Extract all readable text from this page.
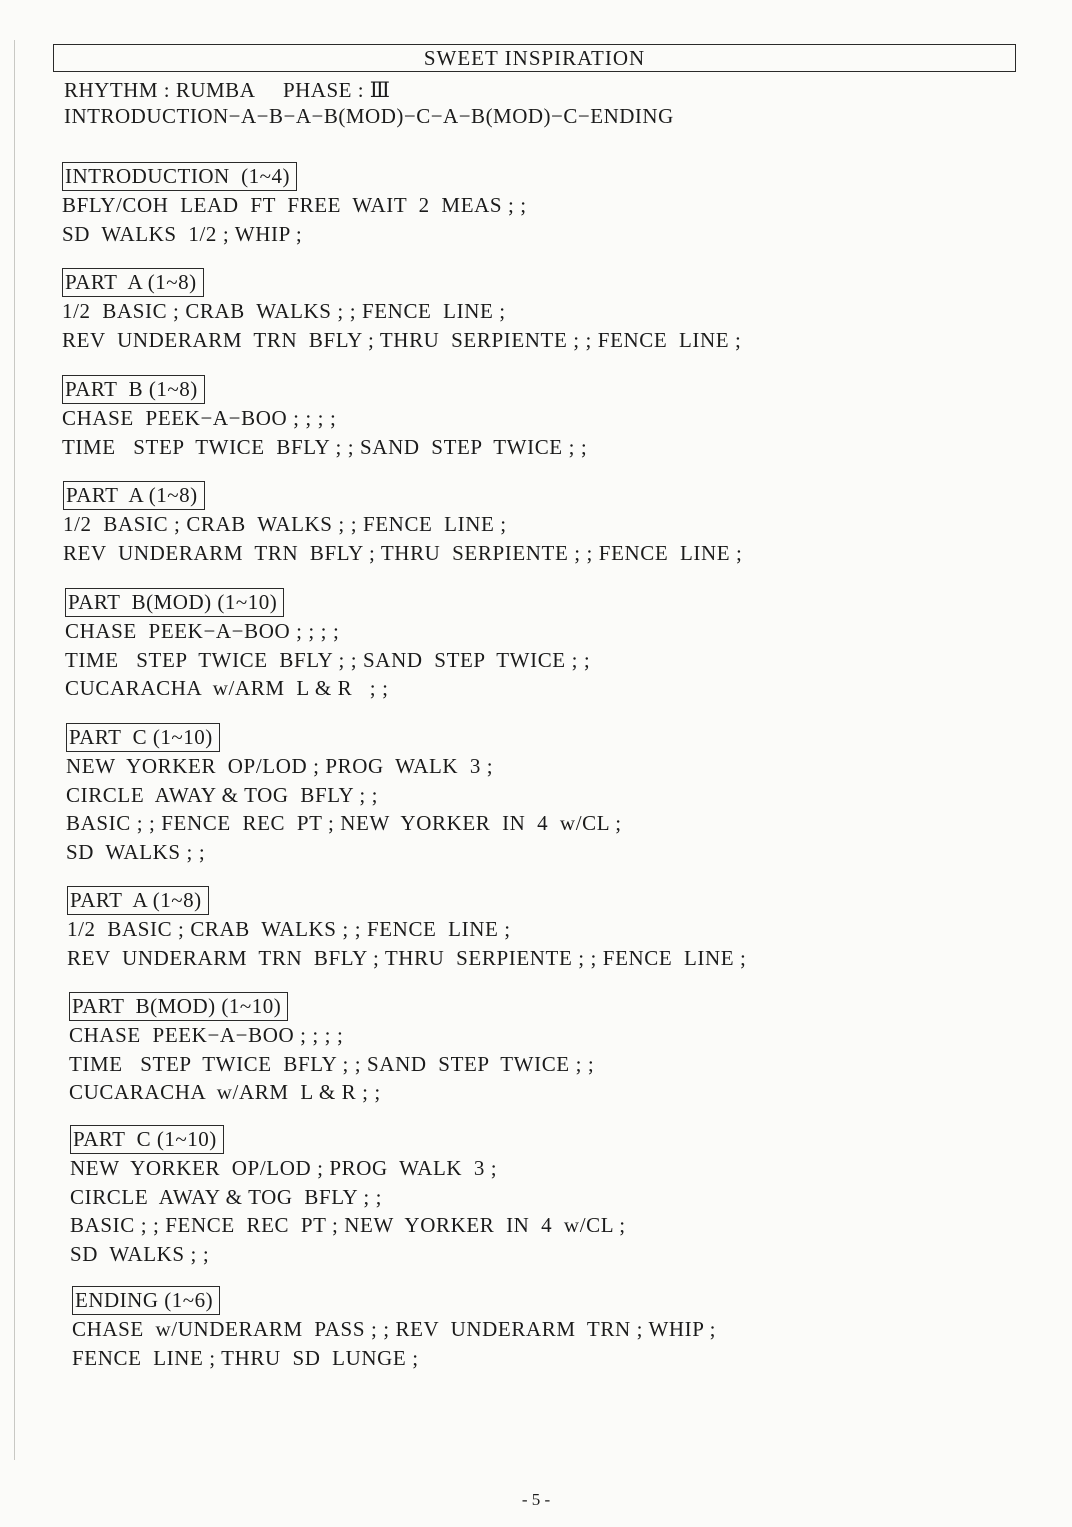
SWEET INSPIRATION
RHYTHM : RUMBA     PHASE : Ⅲ
INTRODUCTION−A−B−A−B(MOD)−C−A−B(MOD)−C−ENDING
INTRODUCTION  (1~4)
BFLY/COH  LEAD  FT  FREE  WAIT  2  MEAS ; ;
SD  WALKS  1/2 ; WHIP ;
PART  A (1~8)
1/2  BASIC ; CRAB  WALKS ; ; FENCE  LINE ;
REV  UNDERARM  TRN  BFLY ; THRU  SERPIENTE ; ; FENCE  LINE ;
PART  B (1~8)
CHASE  PEEK−A−BOO ; ; ; ;
TIME   STEP  TWICE  BFLY ; ; SAND  STEP  TWICE ; ;
PART  A (1~8)
1/2  BASIC ; CRAB  WALKS ; ; FENCE  LINE ;
REV  UNDERARM  TRN  BFLY ; THRU  SERPIENTE ; ; FENCE  LINE ;
PART  B(MOD) (1~10)
CHASE  PEEK−A−BOO ; ; ; ;
TIME   STEP  TWICE  BFLY ; ; SAND  STEP  TWICE ; ;
CUCARACHA  w/ARM  L & R   ; ;
PART  C (1~10)
NEW  YORKER  OP/LOD ; PROG  WALK  3 ;
CIRCLE  AWAY & TOG  BFLY ; ;
BASIC ; ; FENCE  REC  PT ; NEW  YORKER  IN  4  w/CL ;
SD  WALKS ; ;
PART  A (1~8)
1/2  BASIC ; CRAB  WALKS ; ; FENCE  LINE ;
REV  UNDERARM  TRN  BFLY ; THRU  SERPIENTE ; ; FENCE  LINE ;
PART  B(MOD) (1~10)
CHASE  PEEK−A−BOO ; ; ; ;
TIME   STEP  TWICE  BFLY ; ; SAND  STEP  TWICE ; ;
CUCARACHA  w/ARM  L & R ; ;
PART  C (1~10)
NEW  YORKER  OP/LOD ; PROG  WALK  3 ;
CIRCLE  AWAY & TOG  BFLY ; ;
BASIC ; ; FENCE  REC  PT ; NEW  YORKER  IN  4  w/CL ;
SD  WALKS ; ;
ENDING (1~6)
CHASE  w/UNDERARM  PASS ; ; REV  UNDERARM  TRN ; WHIP ;
FENCE  LINE ; THRU  SD  LUNGE ;
- 5 -
